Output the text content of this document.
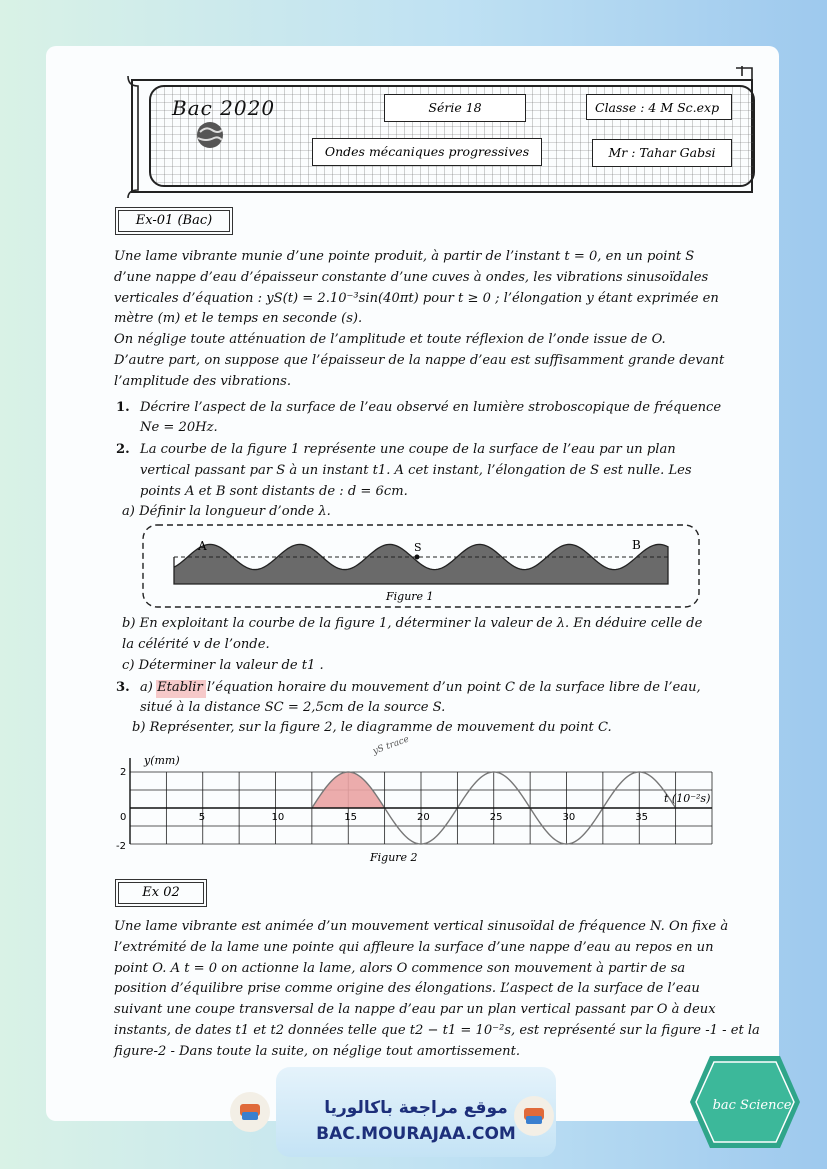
Bac 2020	Série 18	Classe : 4 M Sc.exp
Ondes mécaniques progressives	Mr : Tahar Gabsi
Ex-01 (Bac)

Une lame vibrante munie d’une pointe produit, à partir de l’instant t = 0, en un point S

d’une nappe d’eau d’épaisseur constante d’une cuves à ondes, les vibrations sinusoïdales

verticales d’équation : yS(t) = 2.10⁻³sin(40πt) pour t ≥ 0 ; l’élongation y étant exprimée en

mètre (m) et le temps en seconde (s).

On néglige toute atténuation de l’amplitude et toute réflexion de l’onde issue de O.

D’autre part, on suppose que l’épaisseur de la nappe d’eau est suffisamment grande devant

l’amplitude des vibrations.

1. Décrire l’aspect de la surface de l’eau observé en lumière stroboscopique de fréquence
Ne = 20Hz.
2. La courbe de la figure 1 représente une coupe de la surface de l’eau par un plan
vertical passant par S à un instant t1. A cet instant, l’élongation de S est nulle. Les
points A et B sont distants de : d = 6cm.
a) Définir la longueur d’onde λ.
A	S	B
Figure 1
b) En exploitant la courbe de la figure 1, déterminer la valeur de λ. En déduire celle de
la célérité v de l’onde.
c) Déterminer la valeur de t1 .
3. a) Etablir l’équation horaire du mouvement d’un point C de la surface libre de l’eau,
situé à la distance SC = 2,5cm de la source S.
b) Représenter, sur la figure 2, le diagramme de mouvement du point C.
y(mm)
t (10⁻²s)
2
0
-2
5	10	15	20	25	30	35
yS trace
Figure 2
Ex 02

Une lame vibrante est animée d’un mouvement vertical sinusoïdal de fréquence N. On fixe à

l’extrémité de la lame une pointe qui affleure la surface d’une nappe d’eau au repos en un

point O. A t = 0 on actionne la lame, alors O commence son mouvement à partir de sa

position d’équilibre prise comme origine des élongations. L’aspect de la surface de l’eau

suivant une coupe transversal de la nappe d’eau par un plan vertical passant par O à deux

instants, de dates t1 et t2 données telle que t2 − t1 = 10⁻²s, est représenté sur la figure -1 - et la

figure-2 - Dans toute la suite, on néglige tout amortissement.

موقع مراجعة باكالوريا
BAC.MOURAJAA.COM
bac Science
